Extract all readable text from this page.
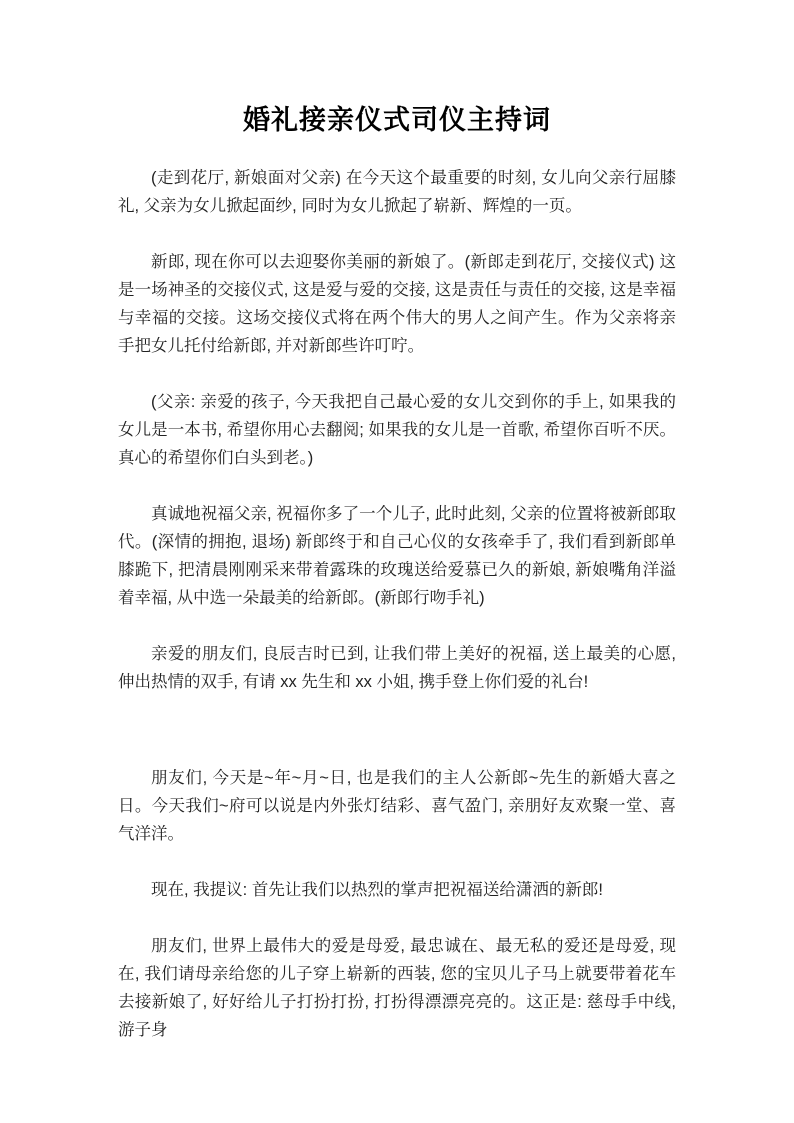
婚礼接亲仪式司仪主持词

(走到花厅, 新娘面对父亲) 在今天这个最重要的时刻, 女儿向父亲行屈膝礼, 父亲为女儿掀起面纱, 同时为女儿掀起了崭新、辉煌的一页。

新郎, 现在你可以去迎娶你美丽的新娘了。(新郎走到花厅, 交接仪式) 这是一场神圣的交接仪式, 这是爱与爱的交接, 这是责任与责任的交接, 这是幸福与幸福的交接。这场交接仪式将在两个伟大的男人之间产生。作为父亲将亲手把女儿托付给新郎, 并对新郎些许叮咛。

(父亲: 亲爱的孩子, 今天我把自己最心爱的女儿交到你的手上, 如果我的女儿是一本书, 希望你用心去翻阅; 如果我的女儿是一首歌, 希望你百听不厌。真心的希望你们白头到老。)

真诚地祝福父亲, 祝福你多了一个儿子, 此时此刻, 父亲的位置将被新郎取代。(深情的拥抱, 退场) 新郎终于和自己心仪的女孩牵手了, 我们看到新郎单膝跪下, 把清晨刚刚采来带着露珠的玫瑰送给爱慕已久的新娘, 新娘嘴角洋溢着幸福, 从中选一朵最美的给新郎。(新郎行吻手礼)

亲爱的朋友们, 良辰吉时已到, 让我们带上美好的祝福, 送上最美的心愿, 伸出热情的双手, 有请 xx 先生和 xx 小姐, 携手登上你们爱的礼台!

朋友们, 今天是~年~月~日, 也是我们的主人公新郎~先生的新婚大喜之日。今天我们~府可以说是内外张灯结彩、喜气盈门, 亲朋好友欢聚一堂、喜气洋洋。

现在, 我提议: 首先让我们以热烈的掌声把祝福送给潇洒的新郎!

朋友们, 世界上最伟大的爱是母爱, 最忠诚在、最无私的爱还是母爱, 现在, 我们请母亲给您的儿子穿上崭新的西装, 您的宝贝儿子马上就要带着花车去接新娘了, 好好给儿子打扮打扮, 打扮得漂漂亮亮的。这正是: 慈母手中线, 游子身
